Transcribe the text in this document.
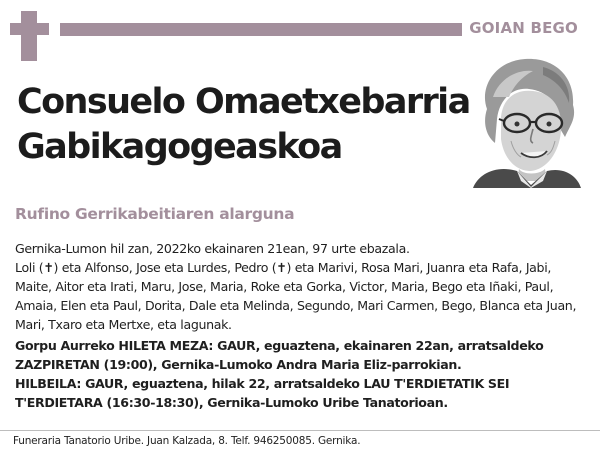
GOIAN BEGO
Consuelo Omaetxebarria
Gabikagogeaskoa
Rufino Gerrikabeitiaren alarguna

Gernika-Lumon hil zan, 2022ko ekainaren 21ean, 97 urte ebazala.

Loli (✝) eta Alfonso, Jose eta Lurdes, Pedro (✝) eta Marivi, Rosa Mari, Juanra eta Rafa, Jabi, Maite, Aitor eta Irati, Maru, Jose, Maria, Roke eta Gorka, Victor, Maria, Bego eta Iñaki, Paul, Amaia, Elen eta Paul, Dorita, Dale eta Melinda, Segundo, Mari Carmen, Bego, Blanca eta Juan, Mari, Txaro eta Mertxe, eta lagunak.

Gorpu Aurreko HILETA MEZA: GAUR, eguaztena, ekainaren 22an, arratsaldeko ZAZPIRETAN (19:00), Gernika-Lumoko Andra Maria Eliz-parrokian.

HILBEILA: GAUR, eguaztena, hilak 22, arratsaldeko LAU T'ERDIETATIK SEI T'ERDIETARA (16:30-18:30), Gernika-Lumoko Uribe Tanatorioan.

Funeraria Tanatorio Uribe. Juan Kalzada, 8. Telf. 946250085. Gernika.
